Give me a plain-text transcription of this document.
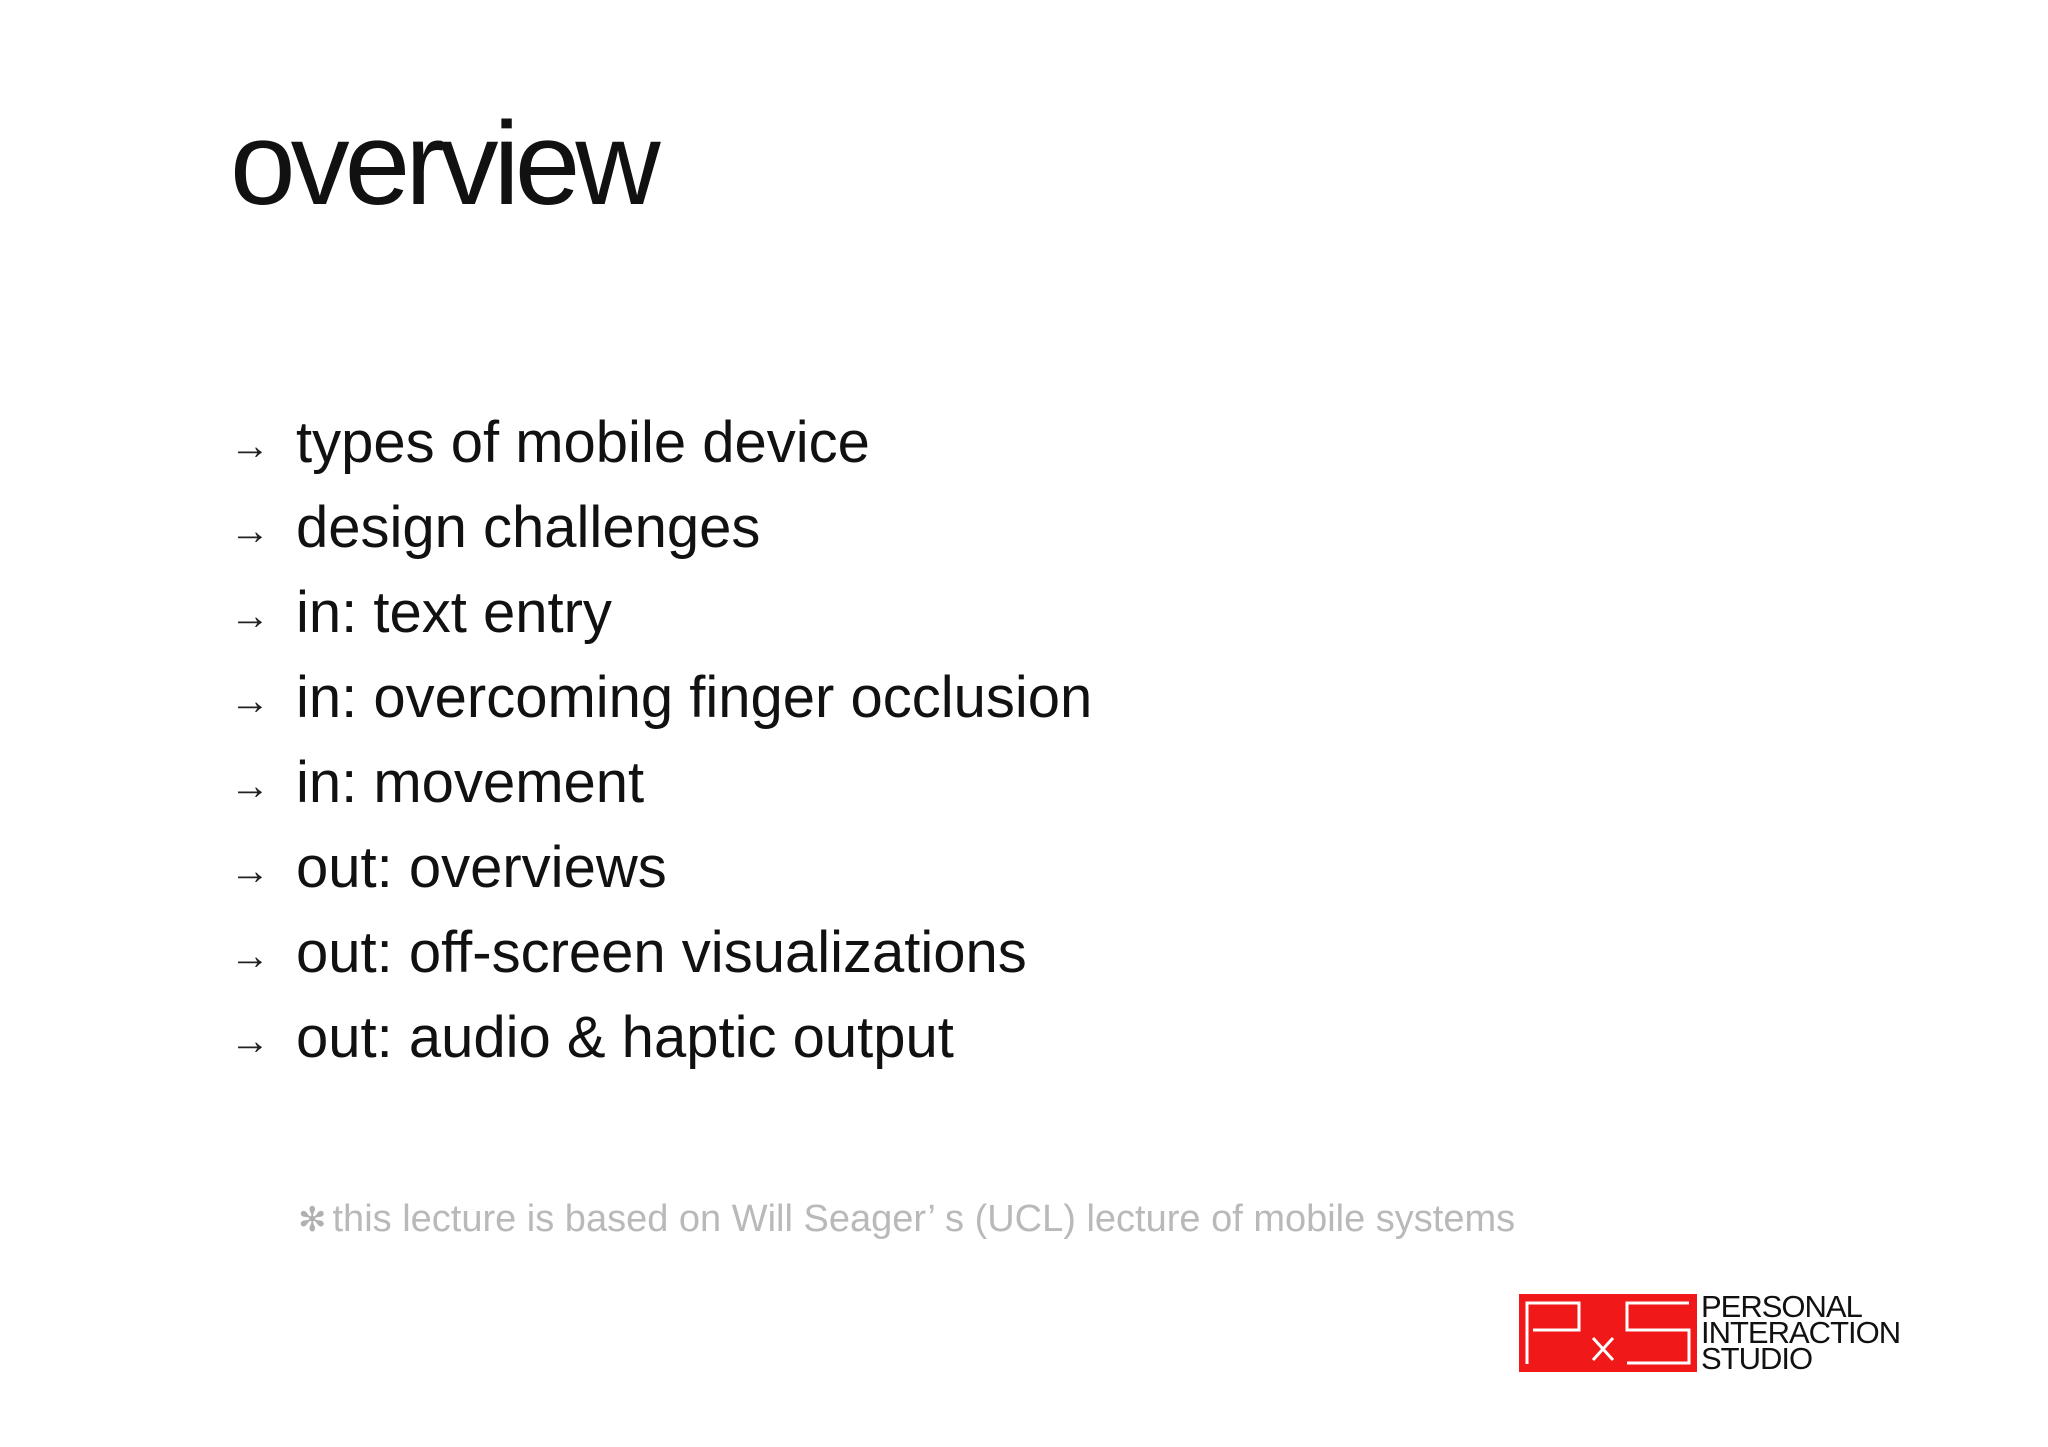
overview
→ types of mobile device
→ design challenges
→ in: text entry
→ in: overcoming finger occlusion
→ in: movement
→ out: overviews
→ out: off-screen visualizations
→ out: audio & haptic output
✻ this lecture is based on Will Seager’ s (UCL) lecture of mobile systems
PERSONAL
INTERACTION
STUDIO
